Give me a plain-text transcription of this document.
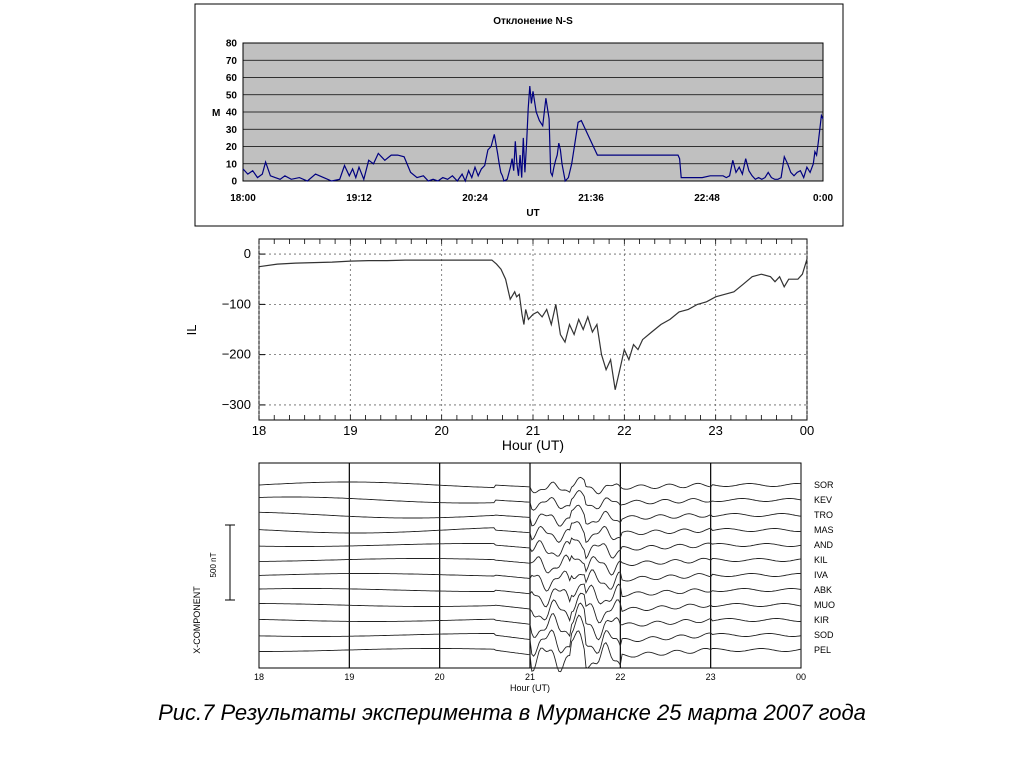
0
10
20
30
40
50
60
70
80
18:00	19:12	20:24	21:36	22:48	0:00
Отклонение N-S
UT
M
0
−100
−200
−300
18	19	20	21	22	23	00
Hour (UT)
IL
18	19	20	21	22	23	00
Hour (UT)
X-COMPONENT
500 nT
SOR
KEV
TRO
MAS
AND
KIL
IVA
ABK
MUO
KIR
SOD
PEL
Рис.7 Результаты эксперимента в Мурманске 25 марта 2007 года
